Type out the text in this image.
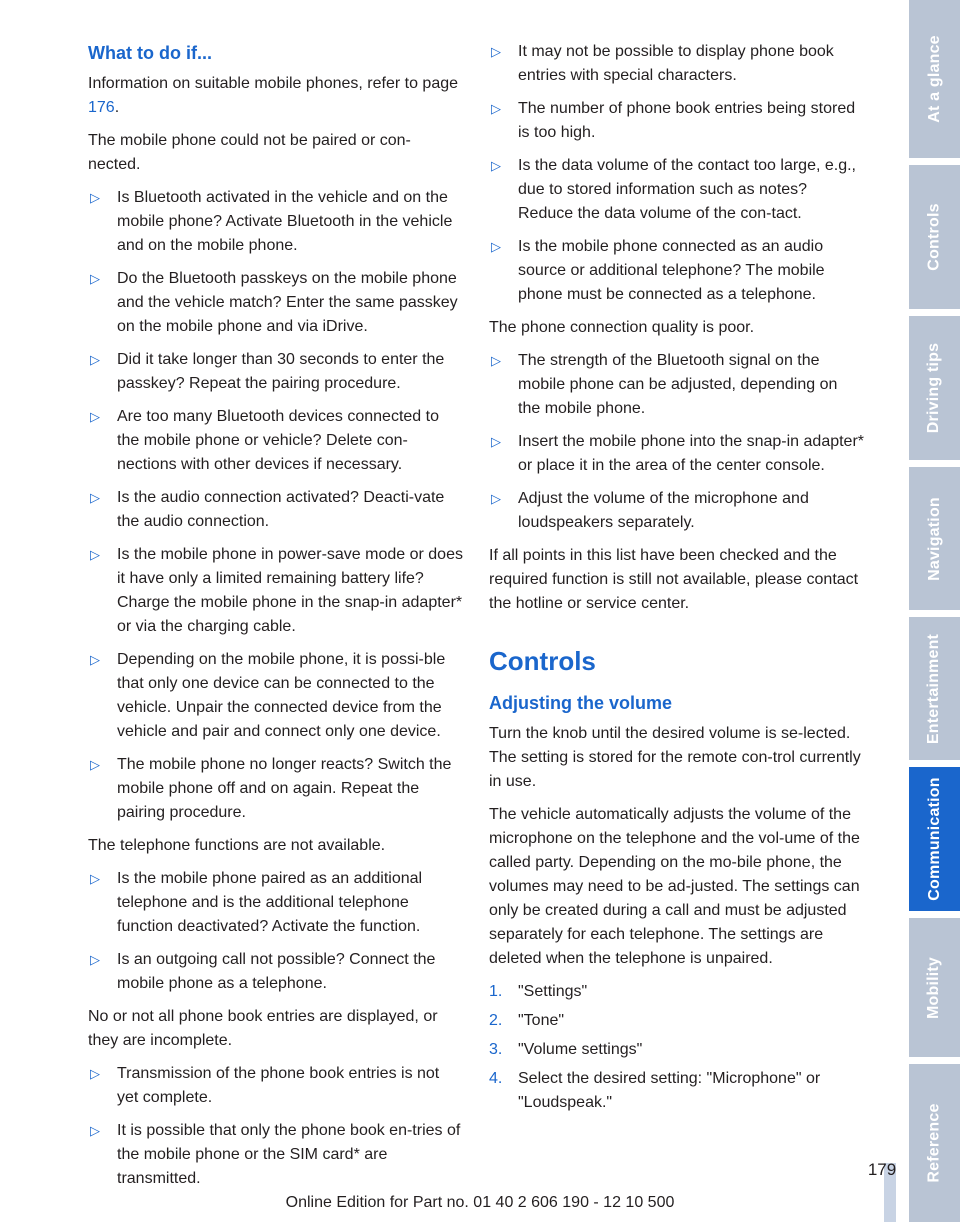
What to do if...

Information on suitable mobile phones, refer to page 176.

The mobile phone could not be paired or con-nected.

▷ Is Bluetooth activated in the vehicle and on the mobile phone? Activate Bluetooth in the vehicle and on the mobile phone.
▷ Do the Bluetooth passkeys on the mobile phone and the vehicle match? Enter the same passkey on the mobile phone and via iDrive.
▷ Did it take longer than 30 seconds to enter the passkey? Repeat the pairing procedure.
▷ Are too many Bluetooth devices connected to the mobile phone or vehicle? Delete con-nections with other devices if necessary.
▷ Is the audio connection activated? Deacti-vate the audio connection.
▷ Is the mobile phone in power-save mode or does it have only a limited remaining battery life? Charge the mobile phone in the snap-in adapter* or via the charging cable.
▷ Depending on the mobile phone, it is possi-ble that only one device can be connected to the vehicle. Unpair the connected device from the vehicle and pair and connect only one device.
▷ The mobile phone no longer reacts? Switch the mobile phone off and on again. Repeat the pairing procedure.

The telephone functions are not available.

▷ Is the mobile phone paired as an additional telephone and is the additional telephone function deactivated? Activate the function.
▷ Is an outgoing call not possible? Connect the mobile phone as a telephone.

No or not all phone book entries are displayed, or they are incomplete.

▷ Transmission of the phone book entries is not yet complete.
▷ It is possible that only the phone book en-tries of the mobile phone or the SIM card* are transmitted.
▷ It may not be possible to display phone book entries with special characters.
▷ The number of phone book entries being stored is too high.
▷ Is the data volume of the contact too large, e.g., due to stored information such as notes? Reduce the data volume of the con-tact.
▷ Is the mobile phone connected as an audio source or additional telephone? The mobile phone must be connected as a telephone.

The phone connection quality is poor.

▷ The strength of the Bluetooth signal on the mobile phone can be adjusted, depending on the mobile phone.
▷ Insert the mobile phone into the snap-in adapter* or place it in the area of the center console.
▷ Adjust the volume of the microphone and loudspeakers separately.

If all points in this list have been checked and the required function is still not available, please contact the hotline or service center.

Controls
Adjusting the volume

Turn the knob until the desired volume is se-lected. The setting is stored for the remote con-trol currently in use.

The vehicle automatically adjusts the volume of the microphone on the telephone and the vol-ume of the called party. Depending on the mo-bile phone, the volumes may need to be ad-justed. The settings can only be created during a call and must be adjusted separately for each telephone. The settings are deleted when the telephone is unpaired.

1. "Settings"
2. "Tone"
3. "Volume settings"
4. Select the desired setting: "Microphone" or "Loudspeak."
At a glance
Controls
Driving tips
Navigation
Entertainment
Communication
Mobility
Reference
179
Online Edition for Part no. 01 40 2 606 190 - 12 10 500
